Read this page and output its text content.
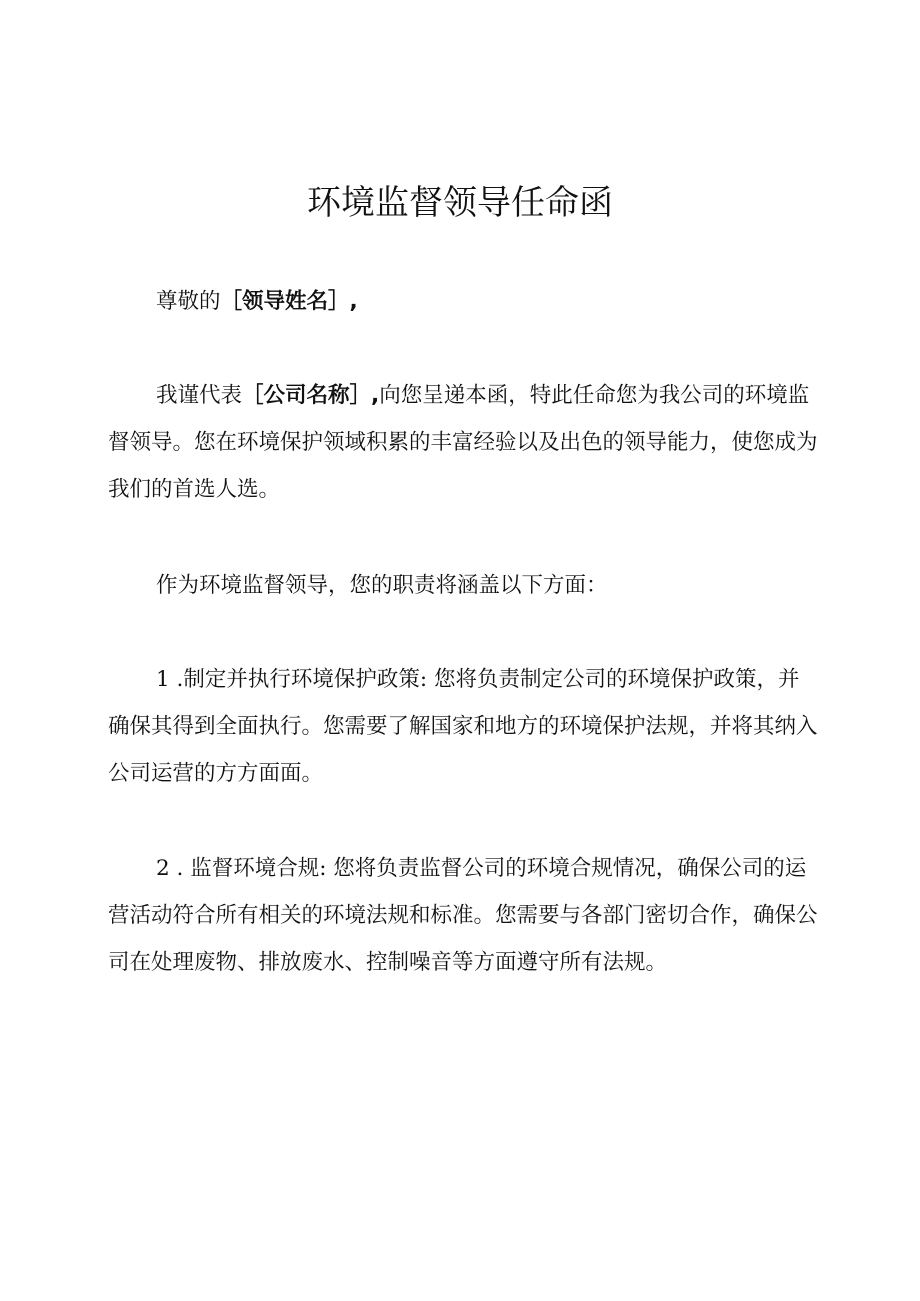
环境监督领导任命函
尊敬的［领导姓名］,
我谨代表［公司名称］,向您呈递本函，特此任命您为我公司的环境监督领导。您在环境保护领域积累的丰富经验以及出色的领导能力，使您成为我们的首选人选。
作为环境监督领导，您的职责将涵盖以下方面：
1 .制定并执行环境保护政策: 您将负责制定公司的环境保护政策，并确保其得到全面执行。您需要了解国家和地方的环境保护法规，并将其纳入公司运营的方方面面。
2 . 监督环境合规: 您将负责监督公司的环境合规情况，确保公司的运营活动符合所有相关的环境法规和标准。您需要与各部门密切合作，确保公司在处理废物、排放废水、控制噪音等方面遵守所有法规。
